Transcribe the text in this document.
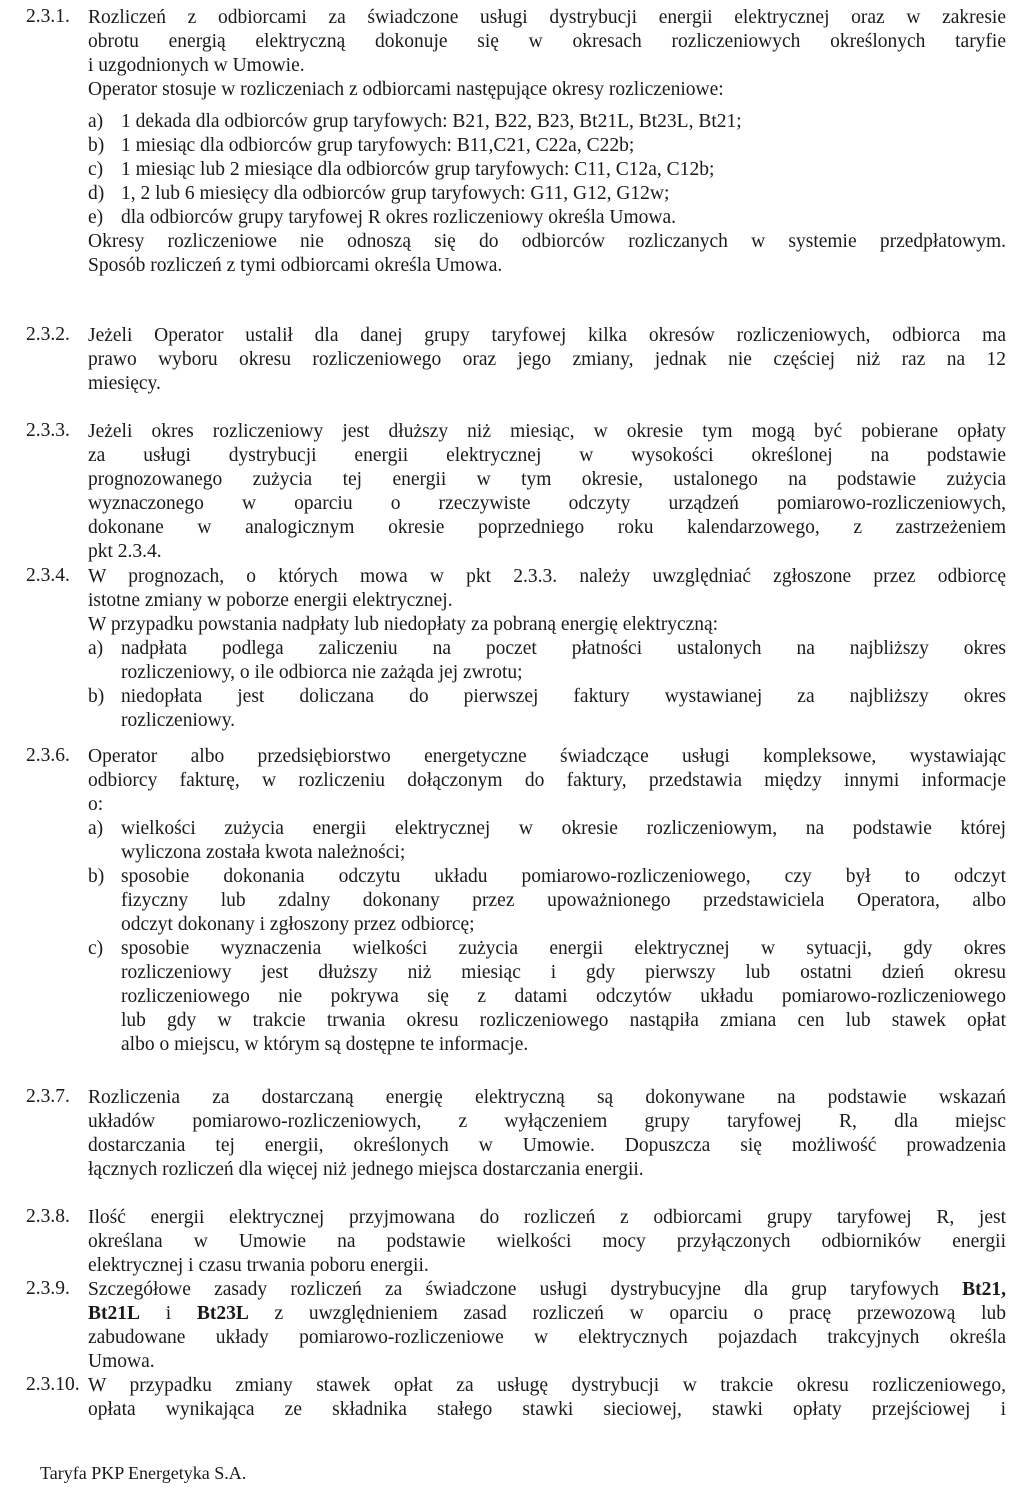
2.3.1. Rozliczeń z odbiorcami za świadczone usługi dystrybucji energii elektrycznej oraz w zakresie
obrotu energią elektryczną dokonuje się w okresach rozliczeniowych określonych taryfie
i uzgodnionych w Umowie.
Operator stosuje w rozliczeniach z odbiorcami następujące okresy rozliczeniowe:
a) 1 dekada dla odbiorców grup taryfowych: B21, B22, B23, Bt21L, Bt23L, Bt21;
b) 1 miesiąc dla odbiorców grup taryfowych: B11,C21, C22a, C22b;
c) 1 miesiąc lub 2 miesiące dla odbiorców grup taryfowych: C11, C12a, C12b;
d) 1, 2 lub 6 miesięcy dla odbiorców grup taryfowych: G11, G12, G12w;
e) dla odbiorców grupy taryfowej R okres rozliczeniowy określa Umowa.
Okresy rozliczeniowe nie odnoszą się do odbiorców rozliczanych w systemie przedpłatowym.
Sposób rozliczeń z tymi odbiorcami określa Umowa.
2.3.2. Jeżeli Operator ustalił dla danej grupy taryfowej kilka okresów rozliczeniowych, odbiorca ma
prawo wyboru okresu rozliczeniowego oraz jego zmiany, jednak nie częściej niż raz na 12
miesięcy.
2.3.3. Jeżeli okres rozliczeniowy jest dłuższy niż miesiąc, w okresie tym mogą być pobierane opłaty
za usługi dystrybucji energii elektrycznej w wysokości określonej na podstawie
prognozowanego zużycia tej energii w tym okresie, ustalonego na podstawie zużycia
wyznaczonego w oparciu o rzeczywiste odczyty urządzeń pomiarowo-rozliczeniowych,
dokonane w analogicznym okresie poprzedniego roku kalendarzowego, z zastrzeżeniem
pkt 2.3.4.
2.3.4. W prognozach, o których mowa w pkt 2.3.3. należy uwzględniać zgłoszone przez odbiorcę
istotne zmiany w poborze energii elektrycznej.
W przypadku powstania nadpłaty lub niedopłaty za pobraną energię elektryczną:
a) nadpłata podlega zaliczeniu na poczet płatności ustalonych na najbliższy okres
rozliczeniowy, o ile odbiorca nie zażąda jej zwrotu;
b) niedopłata jest doliczana do pierwszej faktury wystawianej za najbliższy okres
rozliczeniowy.
2.3.6. Operator albo przedsiębiorstwo energetyczne świadczące usługi kompleksowe, wystawiając
odbiorcy fakturę, w rozliczeniu dołączonym do faktury, przedstawia między innymi informacje
o:
a) wielkości zużycia energii elektrycznej w okresie rozliczeniowym, na podstawie której
wyliczona została kwota należności;
b) sposobie dokonania odczytu układu pomiarowo-rozliczeniowego, czy był to odczyt
fizyczny lub zdalny dokonany przez upoważnionego przedstawiciela Operatora, albo
odczyt dokonany i zgłoszony przez odbiorcę;
c) sposobie wyznaczenia wielkości zużycia energii elektrycznej w sytuacji, gdy okres
rozliczeniowy jest dłuższy niż miesiąc i gdy pierwszy lub ostatni dzień okresu
rozliczeniowego nie pokrywa się z datami odczytów układu pomiarowo-rozliczeniowego
lub gdy w trakcie trwania okresu rozliczeniowego nastąpiła zmiana cen lub stawek opłat
albo o miejscu, w którym są dostępne te informacje.
2.3.7. Rozliczenia za dostarczaną energię elektryczną są dokonywane na podstawie wskazań
układów pomiarowo-rozliczeniowych, z wyłączeniem grupy taryfowej R, dla miejsc
dostarczania tej energii, określonych w Umowie. Dopuszcza się możliwość prowadzenia
łącznych rozliczeń dla więcej niż jednego miejsca dostarczania energii.
2.3.8. Ilość energii elektrycznej przyjmowana do rozliczeń z odbiorcami grupy taryfowej R, jest
określana w Umowie na podstawie wielkości mocy przyłączonych odbiorników energii
elektrycznej i czasu trwania poboru energii.
2.3.9. Szczegółowe zasady rozliczeń za świadczone usługi dystrybucyjne dla grup taryfowych Bt21,
Bt21L i Bt23L z uwzględnieniem zasad rozliczeń w oparciu o pracę przewozową lub
zabudowane układy pomiarowo-rozliczeniowe w elektrycznych pojazdach trakcyjnych określa
Umowa.
2.3.10. W przypadku zmiany stawek opłat za usługę dystrybucji w trakcie okresu rozliczeniowego,
opłata wynikająca ze składnika stałego stawki sieciowej, stawki opłaty przejściowej i
Taryfa PKP Energetyka S.A.
